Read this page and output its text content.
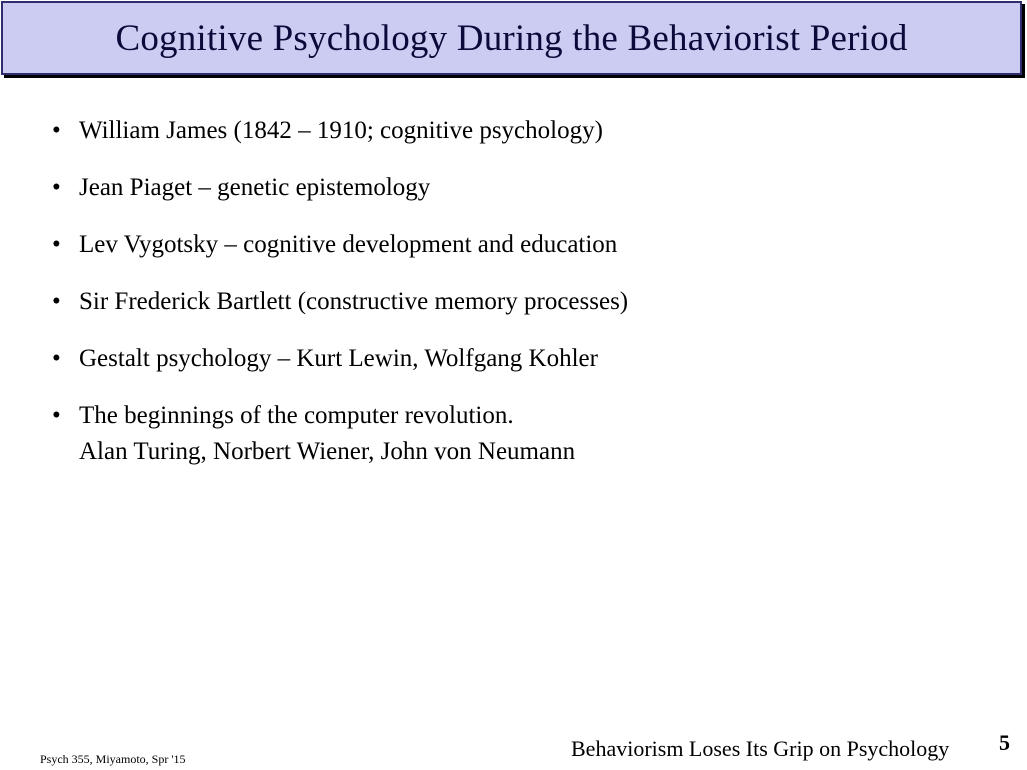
Cognitive Psychology During the Behaviorist Period
• William James (1842 – 1910; cognitive psychology)
• Jean Piaget – genetic epistemology
• Lev Vygotsky – cognitive development and education
• Sir Frederick Bartlett (constructive memory processes)
• Gestalt psychology – Kurt Lewin, Wolfgang Kohler
• The beginnings of the computer revolution.
Alan Turing, Norbert Wiener, John von Neumann
Psych 355, Miyamoto, Spr '15	Behaviorism Loses Its Grip on Psychology 5
